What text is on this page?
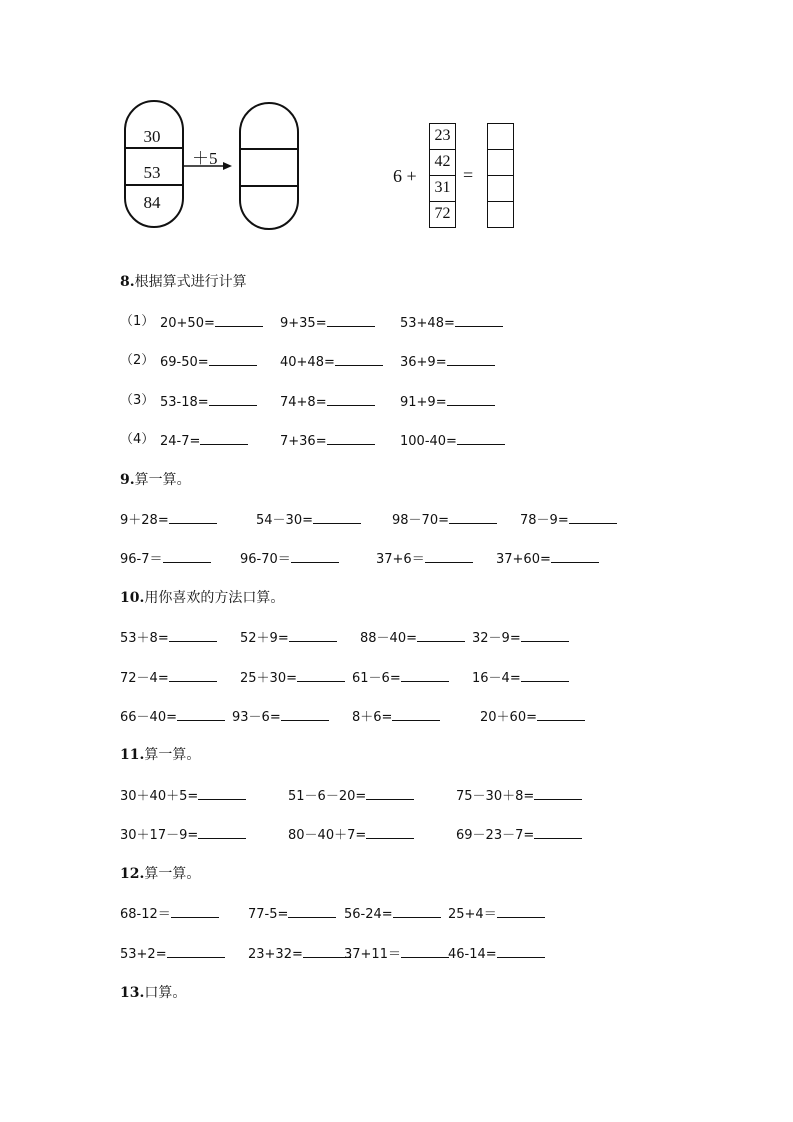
30
53
84
＋5
6 +
23
42
31
72
=
8.根据算式进行计算
（1） 20+50=	9+35=	53+48=
（2） 69-50=	40+48=	36+9=
（3） 53-18=	74+8=	91+9=
（4） 24-7=	7+36=	100-40=
9.算一算。
9＋28=	54－30=	98－70=	78－9=
96-7＝	96-70＝	37+6＝	37+60=
10.用你喜欢的方法口算。
53＋8=	52＋9=	88－40=	32－9=
72－4=	25＋30=	61－6=	16－4=
66－40=	93－6=	8＋6=	20＋60=
11.算一算。
30＋40＋5=	51－6－20=	75－30＋8=
30＋17－9=	80－40＋7=	69－23－7=
12.算一算。
68-12＝	77-5=	56-24=	25+4＝
53+2=	23+32=	37+11＝	46-14=
13.口算。
